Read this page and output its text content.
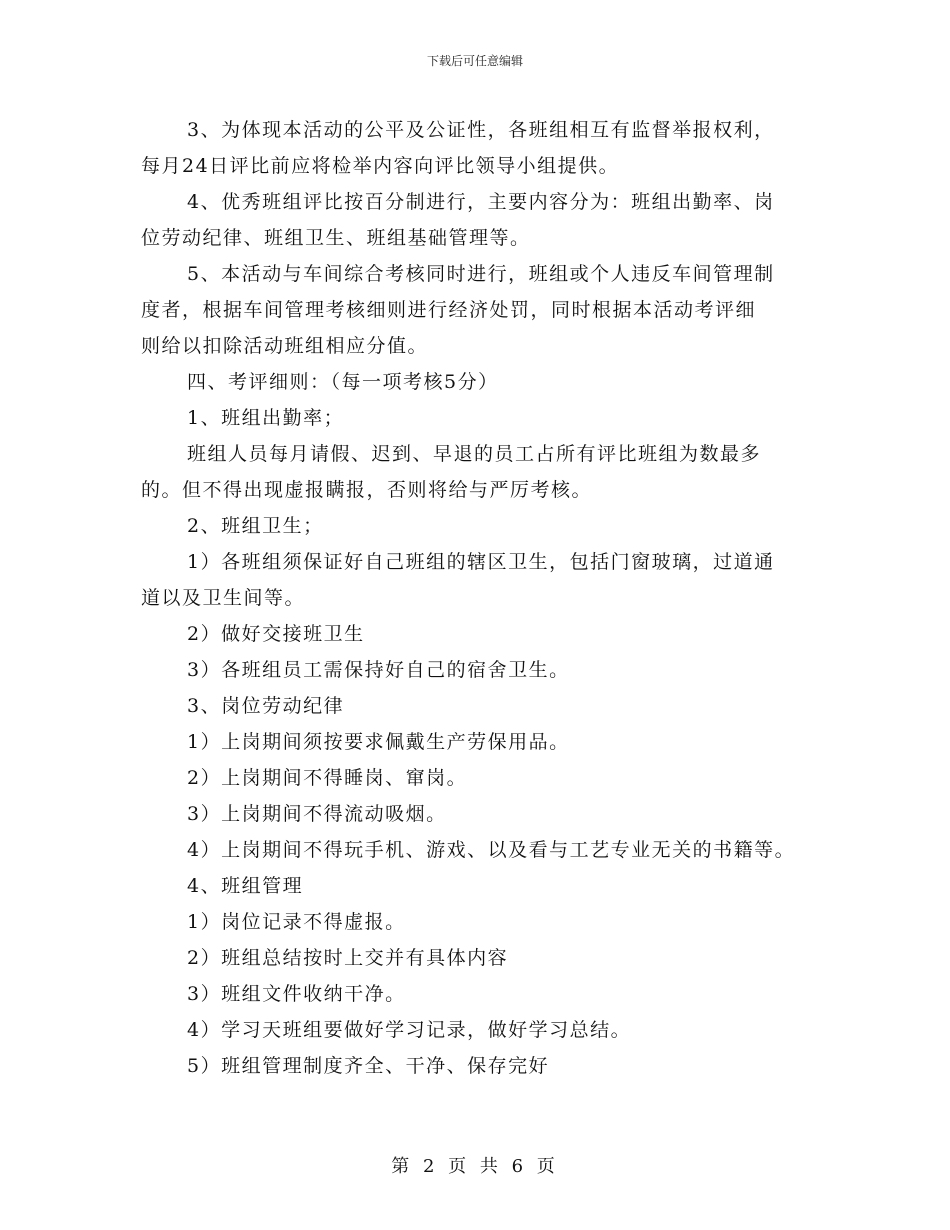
下载后可任意编辑
3、为体现本活动的公平及公证性，各班组相互有监督举报权利，
每月24日评比前应将检举内容向评比领导小组提供。
4、优秀班组评比按百分制进行，主要内容分为：班组出勤率、岗
位劳动纪律、班组卫生、班组基础管理等。
5、本活动与车间综合考核同时进行，班组或个人违反车间管理制
度者，根据车间管理考核细则进行经济处罚，同时根据本活动考评细
则给以扣除活动班组相应分值。
四、考评细则：（每一项考核5分）
1、班组出勤率；
班组人员每月请假、迟到、早退的员工占所有评比班组为数最多
的。但不得出现虚报瞒报，否则将给与严厉考核。
2、班组卫生；
1）各班组须保证好自己班组的辖区卫生，包括门窗玻璃，过道通
道以及卫生间等。
2）做好交接班卫生
3）各班组员工需保持好自己的宿舍卫生。
3、岗位劳动纪律
1）上岗期间须按要求佩戴生产劳保用品。
2）上岗期间不得睡岗、窜岗。
3）上岗期间不得流动吸烟。
4）上岗期间不得玩手机、游戏、以及看与工艺专业无关的书籍等。
4、班组管理
1）岗位记录不得虚报。
2）班组总结按时上交并有具体内容
3）班组文件收纳干净。
4）学习天班组要做好学习记录，做好学习总结。
5）班组管理制度齐全、干净、保存完好
第 2 页 共 6 页
